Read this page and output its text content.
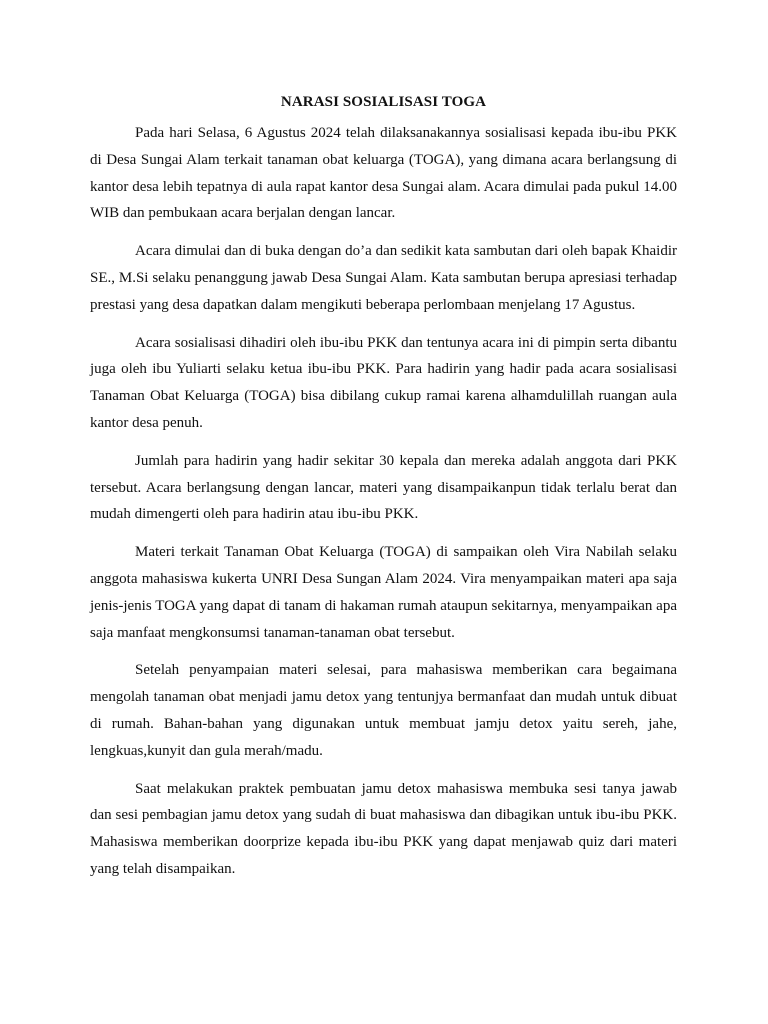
NARASI SOSIALISASI TOGA

Pada hari Selasa, 6 Agustus 2024 telah dilaksanakannya sosialisasi kepada ibu-ibu PKK di Desa Sungai Alam terkait tanaman obat keluarga (TOGA), yang dimana acara berlangsung di kantor desa lebih tepatnya di aula rapat kantor desa Sungai alam. Acara dimulai pada pukul 14.00 WIB dan pembukaan acara berjalan dengan lancar.

Acara dimulai dan di buka dengan do’a dan sedikit kata sambutan dari oleh bapak Khaidir SE., M.Si selaku penanggung jawab Desa Sungai Alam. Kata sambutan berupa apresiasi terhadap prestasi yang desa dapatkan dalam mengikuti beberapa perlombaan menjelang 17 Agustus.

Acara sosialisasi dihadiri oleh ibu-ibu PKK dan tentunya acara ini di pimpin serta dibantu juga oleh ibu Yuliarti selaku ketua ibu-ibu PKK. Para hadirin yang hadir pada acara sosialisasi Tanaman Obat Keluarga (TOGA) bisa dibilang cukup ramai karena alhamdulillah ruangan aula kantor desa penuh.

Jumlah para hadirin yang hadir sekitar 30 kepala dan mereka adalah anggota dari PKK tersebut. Acara berlangsung dengan lancar, materi yang disampaikanpun tidak terlalu berat dan mudah dimengerti oleh para hadirin atau ibu-ibu PKK.

Materi terkait Tanaman Obat Keluarga (TOGA) di sampaikan oleh Vira Nabilah selaku anggota mahasiswa kukerta UNRI Desa Sungan Alam 2024. Vira menyampaikan materi apa saja jenis-jenis TOGA yang dapat di tanam di hakaman rumah ataupun sekitarnya, menyampaikan apa saja manfaat mengkonsumsi tanaman-tanaman obat tersebut.

Setelah penyampaian materi selesai, para mahasiswa memberikan cara begaimana mengolah tanaman obat menjadi jamu detox yang tentunjya bermanfaat dan mudah untuk dibuat di rumah. Bahan-bahan yang digunakan untuk membuat jamju detox yaitu sereh, jahe, lengkuas,kunyit dan gula merah/madu.

Saat melakukan praktek pembuatan jamu detox mahasiswa membuka sesi tanya jawab dan sesi pembagian jamu detox yang sudah di buat mahasiswa dan dibagikan untuk ibu-ibu PKK. Mahasiswa memberikan doorprize kepada ibu-ibu PKK yang dapat menjawab quiz dari materi yang telah disampaikan.
